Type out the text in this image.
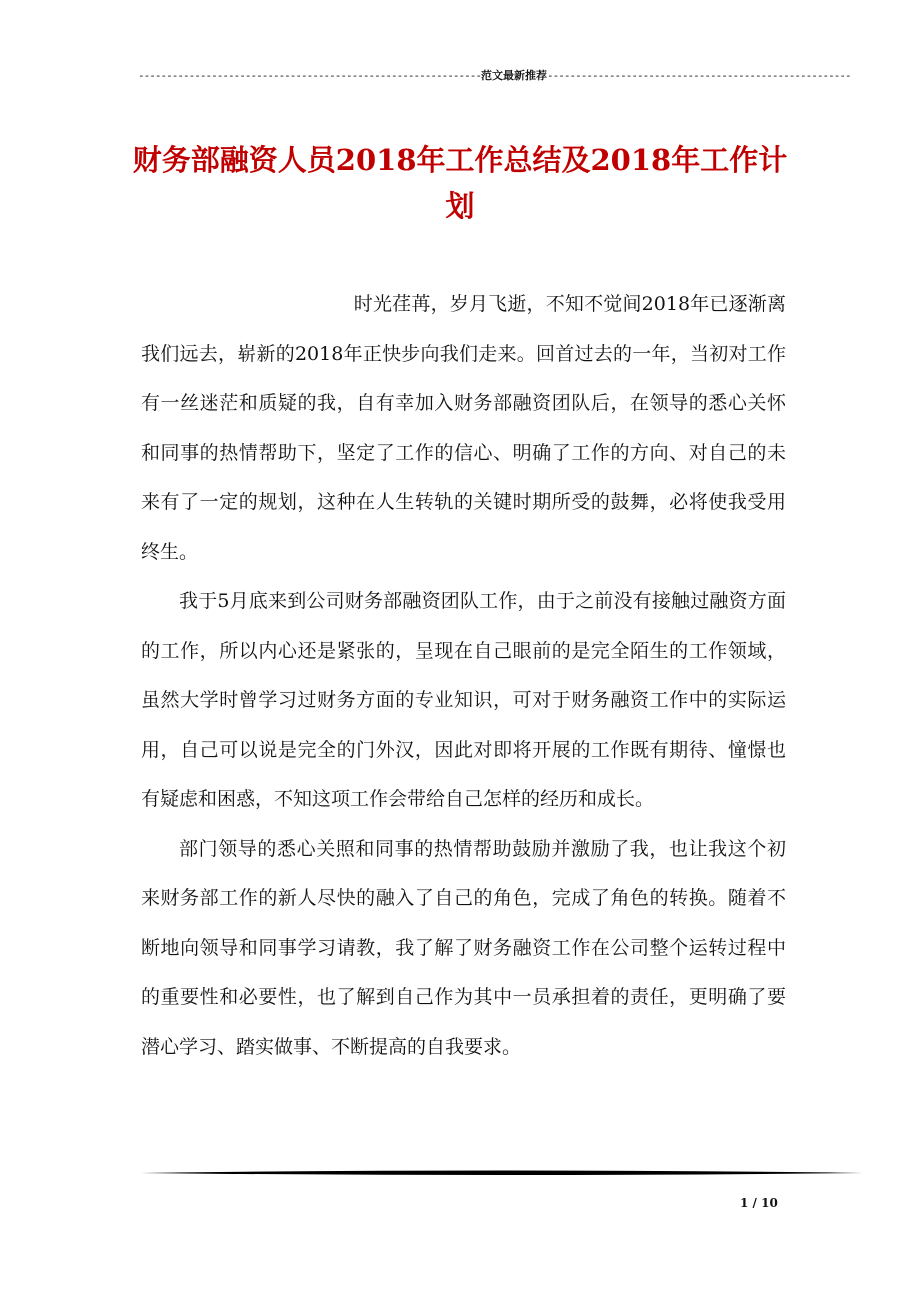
-------------------------------------------------------------范文最新推荐------------------------------------------------------
财务部融资人员2018年工作总结及2018年工作计划

时光荏苒，岁月飞逝，不知不觉间2018年已逐渐离我们远去，崭新的2018年正快步向我们走来。回首过去的一年，当初对工作有一丝迷茫和质疑的我，自有幸加入财务部融资团队后，在领导的悉心关怀和同事的热情帮助下，坚定了工作的信心、明确了工作的方向、对自己的未来有了一定的规划，这种在人生转轨的关键时期所受的鼓舞，必将使我受用终生。

我于5月底来到公司财务部融资团队工作，由于之前没有接触过融资方面的工作，所以内心还是紧张的，呈现在自己眼前的是完全陌生的工作领域，虽然大学时曾学习过财务方面的专业知识，可对于财务融资工作中的实际运用，自己可以说是完全的门外汉，因此对即将开展的工作既有期待、憧憬也有疑虑和困惑，不知这项工作会带给自己怎样的经历和成长。

部门领导的悉心关照和同事的热情帮助鼓励并激励了我，也让我这个初来财务部工作的新人尽快的融入了自己的角色，完成了角色的转换。随着不断地向领导和同事学习请教，我了解了财务融资工作在公司整个运转过程中的重要性和必要性，也了解到自己作为其中一员承担着的责任，更明确了要潜心学习、踏实做事、不断提高的自我要求。

1 / 10
